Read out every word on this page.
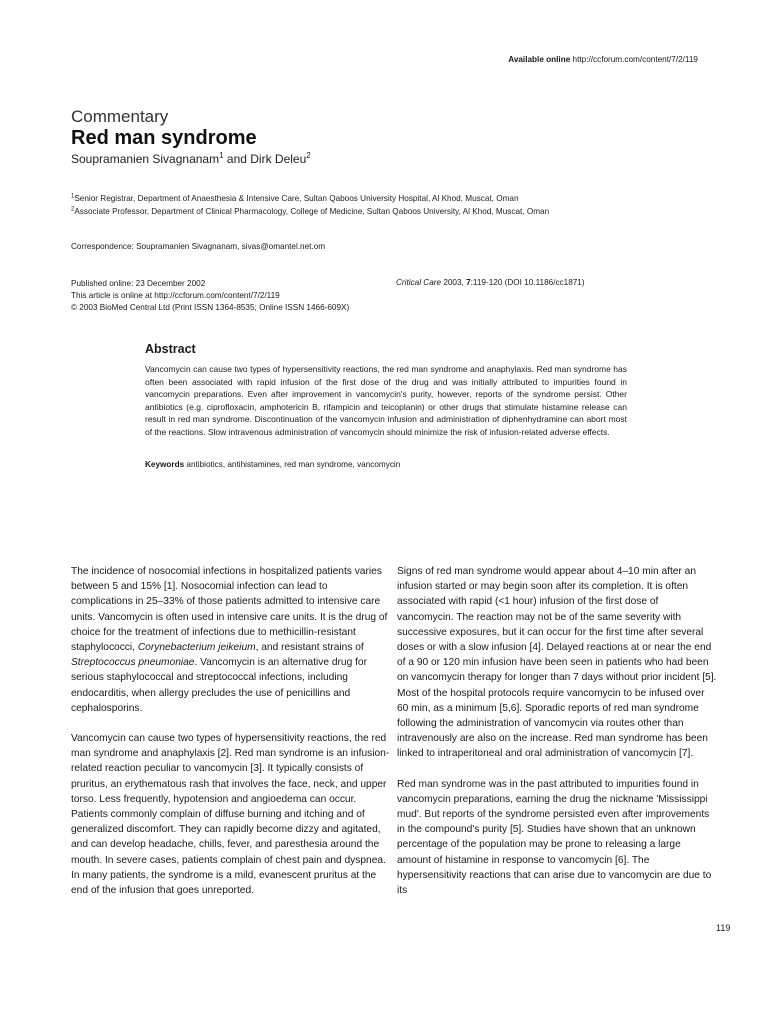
Available online http://ccforum.com/content/7/2/119
Commentary
Red man syndrome
Soupramanien Sivagnanam$^1$ and Dirk Deleu$^2$
$^1$Senior Registrar, Department of Anaesthesia & Intensive Care, Sultan Qaboos University Hospital, Al Khod, Muscat, Oman
$^2$Associate Professor, Department of Clinical Pharmacology, College of Medicine, Sultan Qaboos University, Al Khod, Muscat, Oman
Correspondence: Soupramanien Sivagnanam, sivas@omantel.net.om
Published online: 23 December 2002
This article is online at http://ccforum.com/content/7/2/119
© 2003 BioMed Central Ltd (Print ISSN 1364-8535; Online ISSN 1466-609X)
Critical Care 2003, 7:119-120 (DOI 10.1186/cc1871)
Abstract

Vancomycin can cause two types of hypersensitivity reactions, the red man syndrome and anaphylaxis. Red man syndrome has often been associated with rapid infusion of the first dose of the drug and was initially attributed to impurities found in vancomycin preparations. Even after improvement in vancomycin's purity, however, reports of the syndrome persist. Other antibiotics (e.g. ciprofloxacin, amphotericin B, rifampicin and teicoplanin) or other drugs that stimulate histamine release can result in red man syndrome. Discontinuation of the vancomycin infusion and administration of diphenhydramine can abort most of the reactions. Slow intravenous administration of vancomycin should minimize the risk of infusion-related adverse effects.

Keywords antibiotics, antihistamines, red man syndrome, vancomycin

The incidence of nosocomial infections in hospitalized patients varies between 5 and 15% [1]. Nosocomial infection can lead to complications in 25–33% of those patients admitted to intensive care units. Vancomycin is often used in intensive care units. It is the drug of choice for the treatment of infections due to methicillin-resistant staphylococci, Corynebacterium jeikeium, and resistant strains of Streptococcus pneumoniae. Vancomycin is an alternative drug for serious staphylococcal and streptococcal infections, including endocarditis, when allergy precludes the use of penicillins and cephalosporins.

Vancomycin can cause two types of hypersensitivity reactions, the red man syndrome and anaphylaxis [2]. Red man syndrome is an infusion-related reaction peculiar to vancomycin [3]. It typically consists of pruritus, an erythematous rash that involves the face, neck, and upper torso. Less frequently, hypotension and angioedema can occur. Patients commonly complain of diffuse burning and itching and of generalized discomfort. They can rapidly become dizzy and agitated, and can develop headache, chills, fever, and paresthesia around the mouth. In severe cases, patients complain of chest pain and dyspnea. In many patients, the syndrome is a mild, evanescent pruritus at the end of the infusion that goes unreported.

Signs of red man syndrome would appear about 4–10 min after an infusion started or may begin soon after its completion. It is often associated with rapid (<1 hour) infusion of the first dose of vancomycin. The reaction may not be of the same severity with successive exposures, but it can occur for the first time after several doses or with a slow infusion [4]. Delayed reactions at or near the end of a 90 or 120 min infusion have been seen in patients who had been on vancomycin therapy for longer than 7 days without prior incident [5]. Most of the hospital protocols require vancomycin to be infused over 60 min, as a minimum [5,6]. Sporadic reports of red man syndrome following the administration of vancomycin via routes other than intravenously are also on the increase. Red man syndrome has been linked to intraperitoneal and oral administration of vancomycin [7].

Red man syndrome was in the past attributed to impurities found in vancomycin preparations, earning the drug the nickname 'Mississippi mud'. But reports of the syndrome persisted even after improvements in the compound's purity [5]. Studies have shown that an unknown percentage of the population may be prone to releasing a large amount of histamine in response to vancomycin [6]. The hypersensitivity reactions that can arise due to vancomycin are due to its

119
